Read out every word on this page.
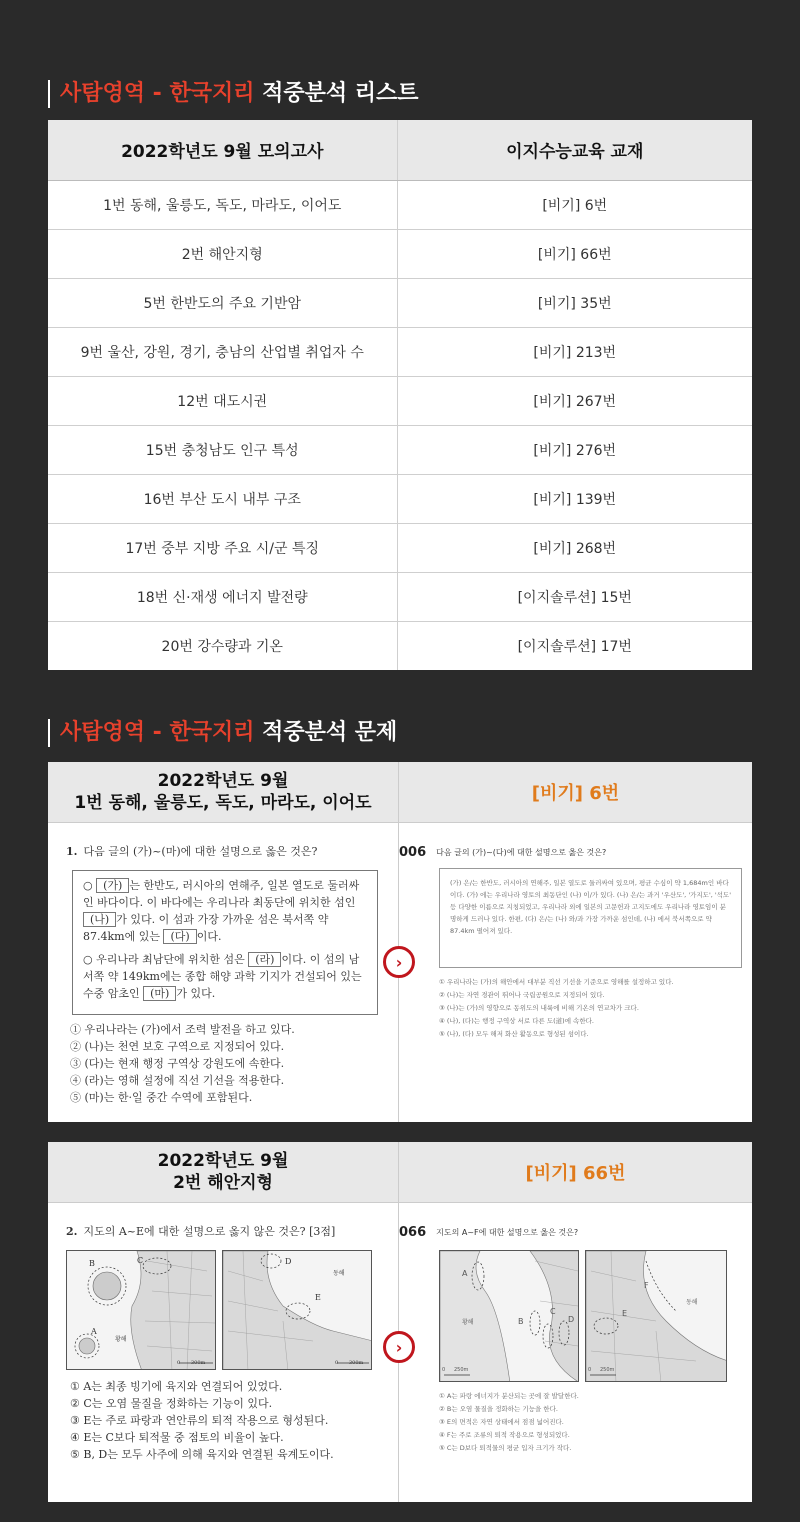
사탐영역 - 한국지리 적중분석 리스트
2022학년도 9월 모의고사	이지수능교육 교재
1번 동해, 울릉도, 독도, 마라도, 이어도	[비기] 6번
2번 해안지형	[비기] 66번
5번 한반도의 주요 기반암	[비기] 35번
9번 울산, 강원, 경기, 충남의 산업별 취업자 수	[비기] 213번
12번 대도시권	[비기] 267번
15번 충청남도 인구 특성	[비기] 276번
16번 부산 도시 내부 구조	[비기] 139번
17번 중부 지방 주요 시/군 특징	[비기] 268번
18번 신·재생 에너지 발전량	[이지솔루션] 15번
20번 강수량과 기온	[이지솔루션] 17번
사탐영역 - 한국지리 적중분석 문제
2022학년도 9월
1번 동해, 울릉도, 독도, 마라도, 이어도	[비기] 6번
1. 다음 글의 (가)~(마)에 대한 설명으로 옳은 것은?

○ (가) 는 한반도, 러시아의 연해주, 일본 열도로 둘러싸인 바다이다. 이 바다에는 우리나라 최동단에 위치한 섬인 (나) 가 있다. 이 섬과 가장 가까운 섬은 북서쪽 약 87.4km에 있는 (다) 이다.

○ 우리나라 최남단에 위치한 섬은 (라) 이다. 이 섬의 남서쪽 약 149km에는 종합 해양 과학 기지가 건설되어 있는 수중 암초인 (마) 가 있다.

① 우리나라는 (가)에서 조력 발전을 하고 있다.
② (나)는 천연 보호 구역으로 지정되어 있다.
③ (다)는 현재 행정 구역상 강원도에 속한다.
④ (라)는 영해 설정에 직선 기선을 적용한다.
⑤ (마)는 한·일 중간 수역에 포함된다.
›
006 다음 글의 (가)~(다)에 대한 설명으로 옳은 것은?
(가) 은/는 한반도, 러시아의 연해주, 일본 열도로 둘러싸여 있으며, 평균 수심이 약 1,684m인 바다이다. (가) 에는 우리나라 영토의 최동단인 (나) 이/가 있다. (나) 은/는 과거 '우산도', '가지도', '석도' 등 다양한 이름으로 지칭되었고, 우리나라 외에 일본의 고문헌과 고지도에도 우리나라 영토임이 분명하게 드러나 있다. 한편, (다) 은/는 (나) 와/과 가장 가까운 섬인데, (나) 에서 북서쪽으로 약 87.4km 떨어져 있다.
① 우리나라는 (가)의 해안에서 대부분 직선 기선을 기준으로 영해를 설정하고 있다.
② (나)는 자연 경관이 뛰어나 국립공원으로 지정되어 있다.
③ (나)는 (가)의 영향으로 동위도의 내륙에 비해 기온의 연교차가 크다.
④ (나), (다)는 행정 구역상 서로 다른 도(道)에 속한다.
⑤ (나), (다) 모두 해저 화산 활동으로 형성된 섬이다.
2022학년도 9월
2번 해안지형	[비기] 66번
2. 지도의 A~E에 대한 설명으로 옳지 않은 것은? [3점]
B	C
A
황해
0 300m
D
E
동해
0 300m
① A는 최종 빙기에 육지와 연결되어 있었다.
② C는 오염 물질을 정화하는 기능이 있다.
③ E는 주로 파랑과 연안류의 퇴적 작용으로 형성된다.
④ E는 C보다 퇴적물 중 점토의 비율이 높다.
⑤ B, D는 모두 사주에 의해 육지와 연결된 육계도이다.
›
066 지도의 A~F에 대한 설명으로 옳은 것은?
A
B
C
D
황해
0 250m
F
E
동해
0 250m
① A는 파랑 에너지가 분산되는 곳에 잘 발달한다.
② B는 오염 물질을 정화하는 기능을 한다.
③ E의 면적은 자연 상태에서 점점 넓어진다.
④ F는 주로 조류의 퇴적 작용으로 형성되었다.
⑤ C는 D보다 퇴적물의 평균 입자 크기가 작다.
